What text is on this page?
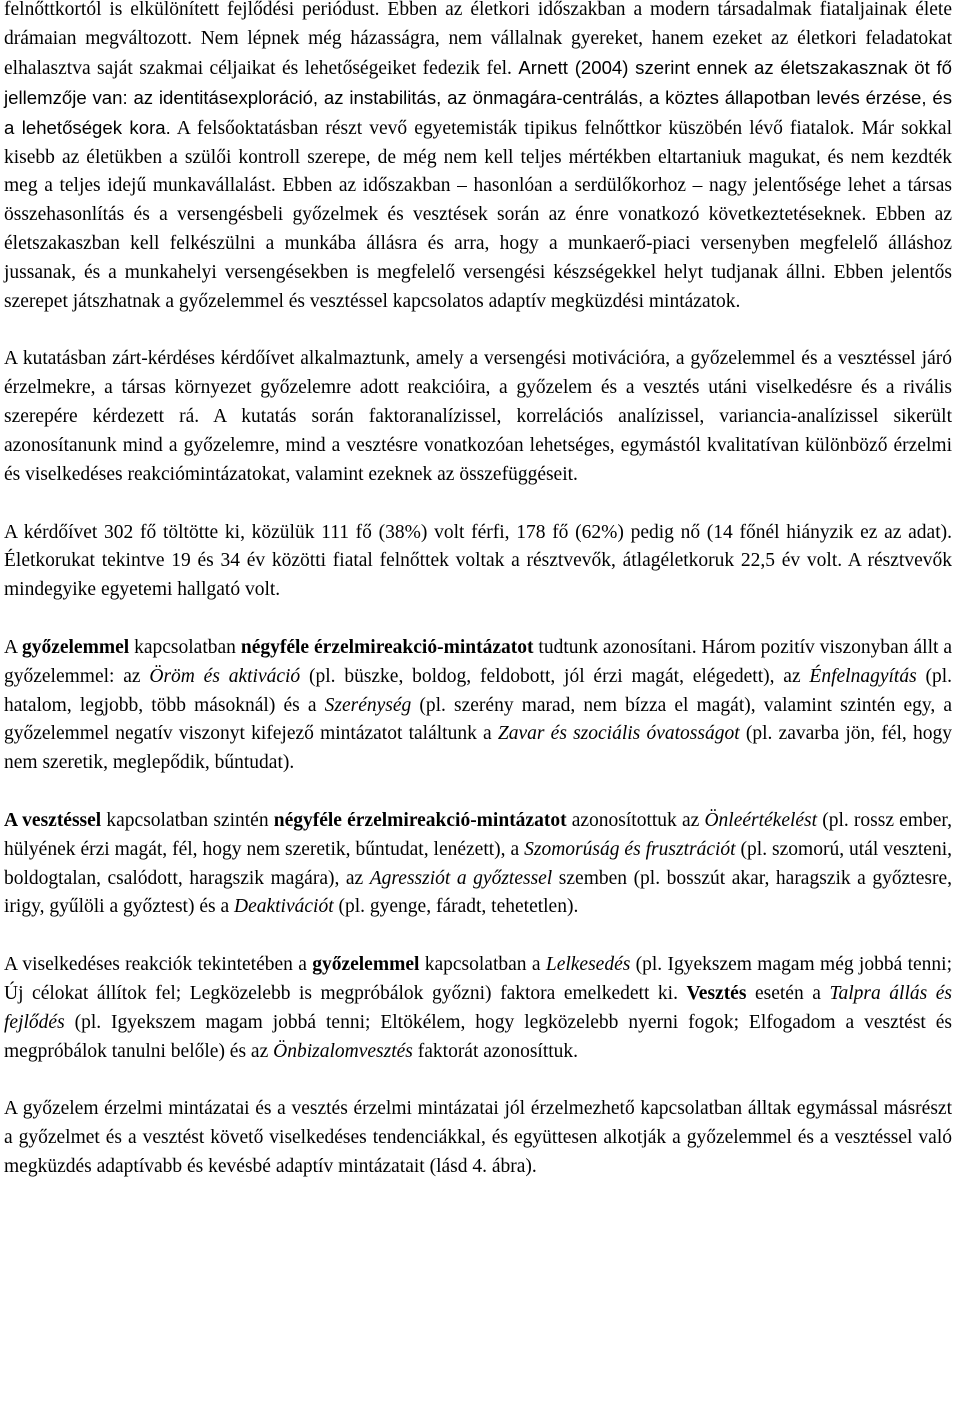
felnőttkortól is elkülönített fejlődési periódust. Ebben az életkori időszakban a modern társadalmak fiataljainak élete drámaian megváltozott. Nem lépnek még házasságra, nem vállalnak gyereket, hanem ezeket az életkori feladatokat elhalasztva saját szakmai céljaikat és lehetőségeiket fedezik fel. Arnett (2004) szerint ennek az életszakasznak öt fő jellemzője van: az identitásexploráció, az instabilitás, az önmagára-centrálás, a köztes állapotban levés érzése, és a lehetőségek kora. A felsőoktatásban részt vevő egyetemisták tipikus felnőttkor küszöbén lévő fiatalok. Már sokkal kisebb az életükben a szülői kontroll szerepe, de még nem kell teljes mértékben eltartaniuk magukat, és nem kezdték meg a teljes idejű munkavállalást. Ebben az időszakban – hasonlóan a serdülőkorhoz – nagy jelentősége lehet a társas összehasonlítás és a versengésbeli győzelmek és vesztések során az énre vonatkozó következtetéseknek. Ebben az életszakaszban kell felkészülni a munkába állásra és arra, hogy a munkaerő-piaci versenyben megfelelő álláshoz jussanak, és a munkahelyi versengésekben is megfelelő versengési készségekkel helyt tudjanak állni. Ebben jelentős szerepet játszhatnak a győzelemmel és vesztéssel kapcsolatos adaptív megküzdési mintázatok.

A kutatásban zárt-kérdéses kérdőívet alkalmaztunk, amely a versengési motivációra, a győzelemmel és a vesztéssel járó érzelmekre, a társas környezet győzelemre adott reakcióira, a győzelem és a vesztés utáni viselkedésre és a rivális szerepére kérdezett rá. A kutatás során faktoranalízissel, korrelációs analízissel, variancia-analízissel sikerült azonosítanunk mind a győzelemre, mind a vesztésre vonatkozóan lehetséges, egymástól kvalitatívan különböző érzelmi és viselkedéses reakciómintázatokat, valamint ezeknek az összefüggéseit.

A kérdőívet 302 fő töltötte ki, közülük 111 fő (38%) volt férfi, 178 fő (62%) pedig nő (14 főnél hiányzik ez az adat). Életkorukat tekintve 19 és 34 év közötti fiatal felnőttek voltak a résztvevők, átlagéletkoruk 22,5 év volt. A résztvevők mindegyike egyetemi hallgató volt.

A győzelemmel kapcsolatban négyféle érzelmireakció-mintázatot tudtunk azonosítani. Három pozitív viszonyban állt a győzelemmel: az Öröm és aktiváció (pl. büszke, boldog, feldobott, jól érzi magát, elégedett), az Énfelnagyítás (pl. hatalom, legjobb, több másoknál) és a Szerénység (pl. szerény marad, nem bízza el magát), valamint szintén egy, a győzelemmel negatív viszonyt kifejező mintázatot találtunk a Zavar és szociális óvatosságot (pl. zavarba jön, fél, hogy nem szeretik, meglepődik, bűntudat).

A vesztéssel kapcsolatban szintén négyféle érzelmireakció-mintázatot azonosítottuk az Önleértékelést (pl. rossz ember, hülyének érzi magát, fél, hogy nem szeretik, bűntudat, lenézett), a Szomorúság és frusztrációt (pl. szomorú, utál veszteni, boldogtalan, csalódott, haragszik magára), az Agressziót a győztessel szemben (pl. bosszút akar, haragszik a győztesre, irigy, gyűlöli a győztest) és a Deaktivációt (pl. gyenge, fáradt, tehetetlen).

A viselkedéses reakciók tekintetében a győzelemmel kapcsolatban a Lelkesedés (pl. Igyekszem magam még jobbá tenni; Új célokat állítok fel; Legközelebb is megpróbálok győzni) faktora emelkedett ki. Vesztés esetén a Talpra állás és fejlődés (pl. Igyekszem magam jobbá tenni; Eltökélem, hogy legközelebb nyerni fogok; Elfogadom a vesztést és megpróbálok tanulni belőle) és az Önbizalomvesztés faktorát azonosíttuk.

A győzelem érzelmi mintázatai és a vesztés érzelmi mintázatai jól érzelmezhető kapcsolatban álltak egymással másrészt a győzelmet és a vesztést követő viselkedéses tendenciákkal, és együttesen alkotják a győzelemmel és a vesztéssel való megküzdés adaptívabb és kevésbé adaptív mintázatait (lásd 4. ábra).
